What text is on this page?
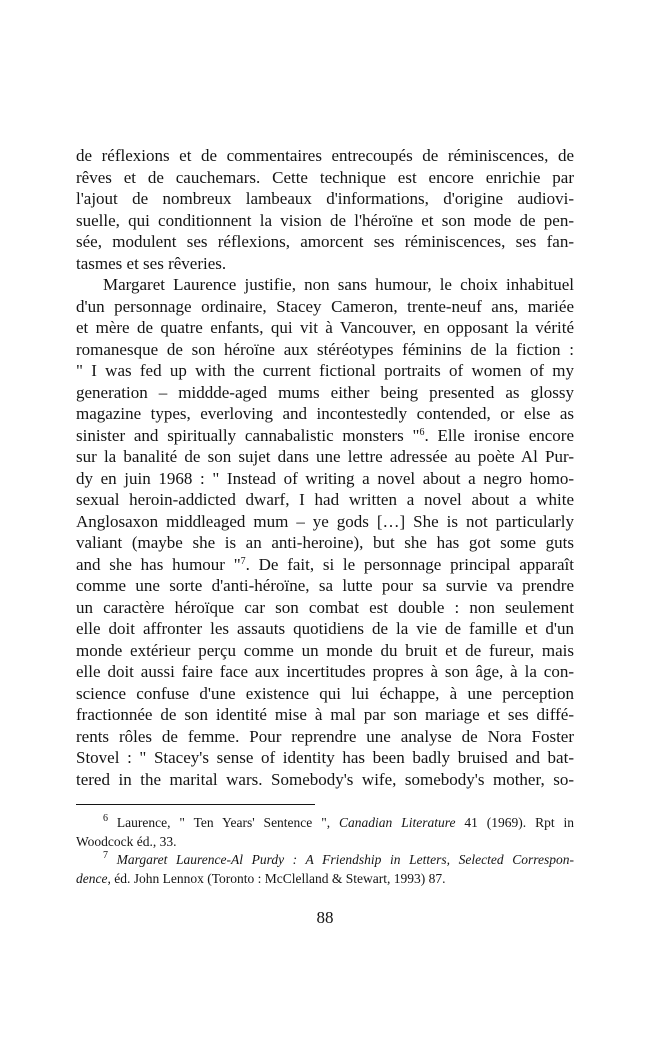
de réflexions et de commentaires entrecoupés de réminiscences, de
rêves et de cauchemars. Cette technique est encore enrichie par
l'ajout de nombreux lambeaux d'informations, d'origine audiovi-
suelle, qui conditionnent la vision de l'héroïne et son mode de pen-
sée, modulent ses réflexions, amorcent ses réminiscences, ses fan-
tasmes et ses rêveries.
Margaret Laurence justifie, non sans humour, le choix inhabituel
d'un personnage ordinaire, Stacey Cameron, trente-neuf ans, mariée
et mère de quatre enfants, qui vit à Vancouver, en opposant la vérité
romanesque de son héroïne aux stéréotypes féminins de la fiction :
" I was fed up with the current fictional portraits of women of my
generation – middde-aged mums either being presented as glossy
magazine types, everloving and incontestedly contended, or else as
sinister and spiritually cannabalistic monsters "$^6$. Elle ironise encore
sur la banalité de son sujet dans une lettre adressée au poète Al Pur-
dy en juin 1968 : " Instead of writing a novel about a negro homo-
sexual heroin-addicted dwarf, I had written a novel about a white
Anglosaxon middleaged mum – ye gods […] She is not particularly
valiant (maybe she is an anti-heroine), but she has got some guts
and she has humour "$^7$. De fait, si le personnage principal apparaît
comme une sorte d'anti-héroïne, sa lutte pour sa survie va prendre
un caractère héroïque car son combat est double : non seulement
elle doit affronter les assauts quotidiens de la vie de famille et d'un
monde extérieur perçu comme un monde du bruit et de fureur, mais
elle doit aussi faire face aux incertitudes propres à son âge, à la con-
science confuse d'une existence qui lui échappe, à une perception
fractionnée de son identité mise à mal par son mariage et ses diffé-
rents rôles de femme. Pour reprendre une analyse de Nora Foster
Stovel : " Stacey's sense of identity has been badly bruised and bat-
tered in the marital wars. Somebody's wife, somebody's mother, so-
$^6$ Laurence, " Ten Years' Sentence ", Canadian Literature 41 (1969). Rpt in
Woodcock éd., 33.
$^7$ Margaret Laurence-Al Purdy : A Friendship in Letters, Selected Correspon-
dence, éd. John Lennox (Toronto : McClelland & Stewart, 1993) 87.
88
